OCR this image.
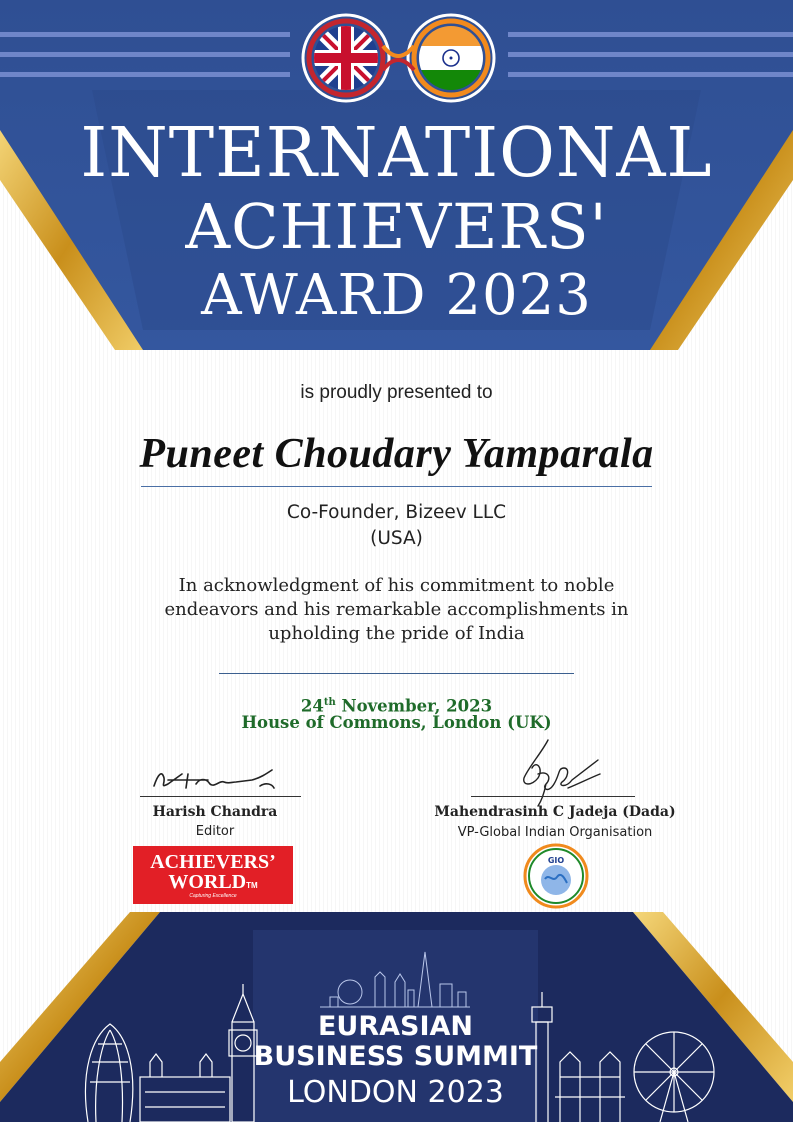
INTERNATIONAL
ACHIEVERS'
AWARD 2023
is proudly presented to
Puneet Choudary Yamparala
Co-Founder, Bizeev LLC
(USA)
In acknowledgment of his commitment to noble
endeavors and his remarkable accomplishments in
upholding the pride of India
24th November, 2023
House of Commons, London (UK)
Harish Chandra
Editor
Mahendrasinh C Jadeja (Dada)
VP-Global Indian Organisation
ACHIEVERS’
WORLDTM
Capturing Excellence
GIO
EURASIAN
BUSINESS SUMMIT
LONDON 2023
